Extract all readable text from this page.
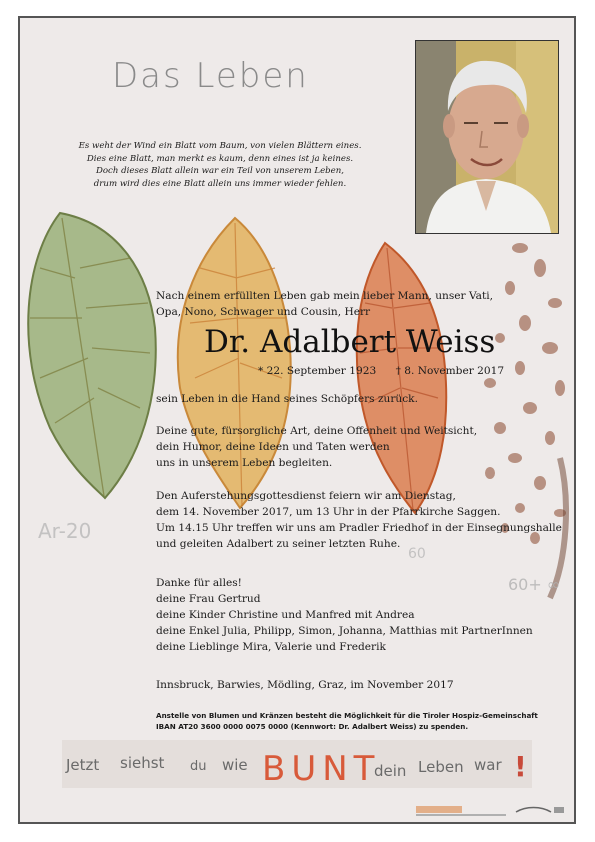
Ar-20
60
60+ ∞
Das Leben
Es weht der Wind ein Blatt vom Baum, von vielen Blättern eines.
Dies eine Blatt, man merkt es kaum, denn eines ist ja keines.
Doch dieses Blatt allein war ein Teil von unserem Leben,
drum wird dies eine Blatt allein uns immer wieder fehlen.
Nach einem erfüllten Leben gab mein lieber Mann, unser Vati,
Opa, Nono, Schwager und Cousin, Herr
Dr. Adalbert Weiss
* 22. September 1923 † 8. November 2017
sein Leben in die Hand seines Schöpfers zurück.
Deine gute, fürsorgliche Art, deine Offenheit und Weitsicht,
dein Humor, deine Ideen und Taten werden
uns in unserem Leben begleiten.
Den Auferstehungsgottesdienst feiern wir am Dienstag,
dem 14. November 2017, um 13 Uhr in der Pfarrkirche Saggen.
Um 14.15 Uhr treffen wir uns am Pradler Friedhof in der Einsegnungshalle
und geleiten Adalbert zu seiner letzten Ruhe.
Danke für alles!
deine Frau Gertrud
deine Kinder Christine und Manfred mit Andrea
deine Enkel Julia, Philipp, Simon, Johanna, Matthias mit PartnerInnen
deine Lieblinge Mira, Valerie und Frederik
Innsbruck, Barwies, Mödling, Graz, im November 2017
Anstelle von Blumen und Kränzen besteht die Möglichkeit für die Tiroler Hospiz-Gemeinschaft
IBAN AT20 3600 0000 0075 0000 (Kennwort: Dr. Adalbert Weiss) zu spenden.
Jetzt siehst du wie BUNT
dein Leben war !
